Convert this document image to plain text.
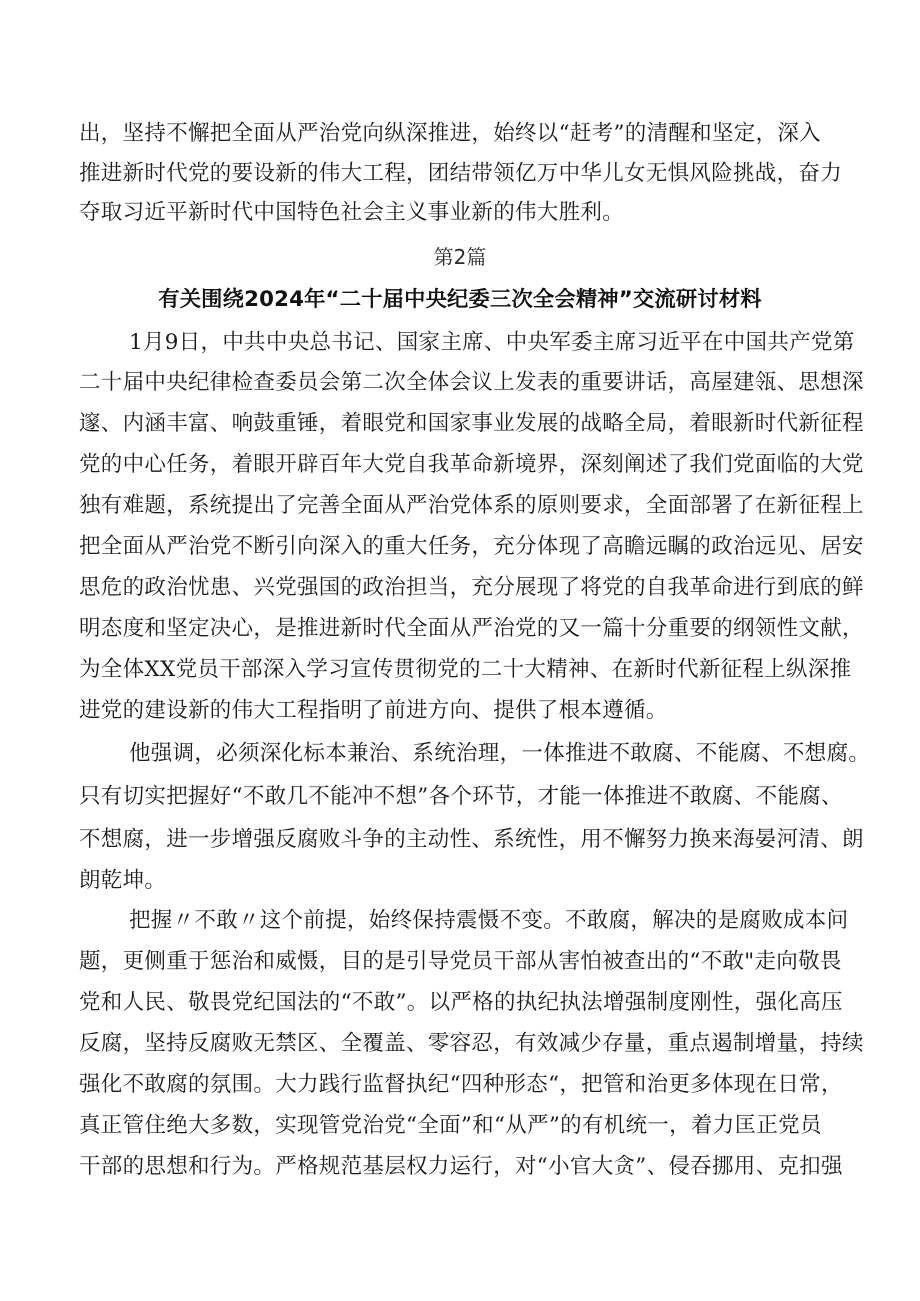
出，坚持不懈把全面从严治党向纵深推进，始终以“赶考”的清醒和坚定，深入
推进新时代党的要设新的伟大工程，团结带领亿万中华儿女无惧风险挑战，奋力
夺取习近平新时代中国特色社会主义事业新的伟大胜利。
第2篇
有关围绕2024年“二十届中央纪委三次全会精神”交流研讨材料
1月9日，中共中央总书记、国家主席、中央军委主席习近平在中国共产党第
二十届中央纪律检查委员会第二次全体会议上发表的重要讲话，高屋建瓴、思想深
邃、内涵丰富、响鼓重锤，着眼党和国家事业发展的战略全局，着眼新时代新征程
党的中心任务，着眼开辟百年大党自我革命新境界，深刻阐述了我们党面临的大党
独有难题，系统提出了完善全面从严治党体系的原则要求，全面部署了在新征程上
把全面从严治党不断引向深入的重大任务，充分体现了高瞻远瞩的政治远见、居安
思危的政治忧患、兴党强国的政治担当，充分展现了将党的自我革命进行到底的鲜
明态度和坚定决心，是推进新时代全面从严治党的又一篇十分重要的纲领性文献，
为全体XX党员干部深入学习宣传贯彻党的二十大精神、在新时代新征程上纵深推
进党的建设新的伟大工程指明了前进方向、提供了根本遵循。
他强调，必须深化标本兼治、系统治理，一体推进不敢腐、不能腐、不想腐。
只有切实把握好“不敢几不能冲不想”各个环节，才能一体推进不敢腐、不能腐、
不想腐，进一步增强反腐败斗争的主动性、系统性，用不懈努力换来海晏河清、朗
朗乾坤。
把握〃不敢〃这个前提，始终保持震慑不变。不敢腐，解决的是腐败成本问
题，更侧重于惩治和威慑，目的是引导党员干部从害怕被查出的“不敢"走向敬畏
党和人民、敬畏党纪国法的“不敢”。以严格的执纪执法增强制度刚性，强化高压
反腐，坚持反腐败无禁区、全覆盖、零容忍，有效减少存量，重点遏制增量，持续
强化不敢腐的氛围。大力践行监督执纪“四种形态“，把管和治更多体现在日常，
真正管住绝大多数，实现管党治党“全面”和“从严”的有机统一，着力匡正党员
干部的思想和行为。严格规范基层权力运行，对“小官大贪”、侵吞挪用、克扣强
